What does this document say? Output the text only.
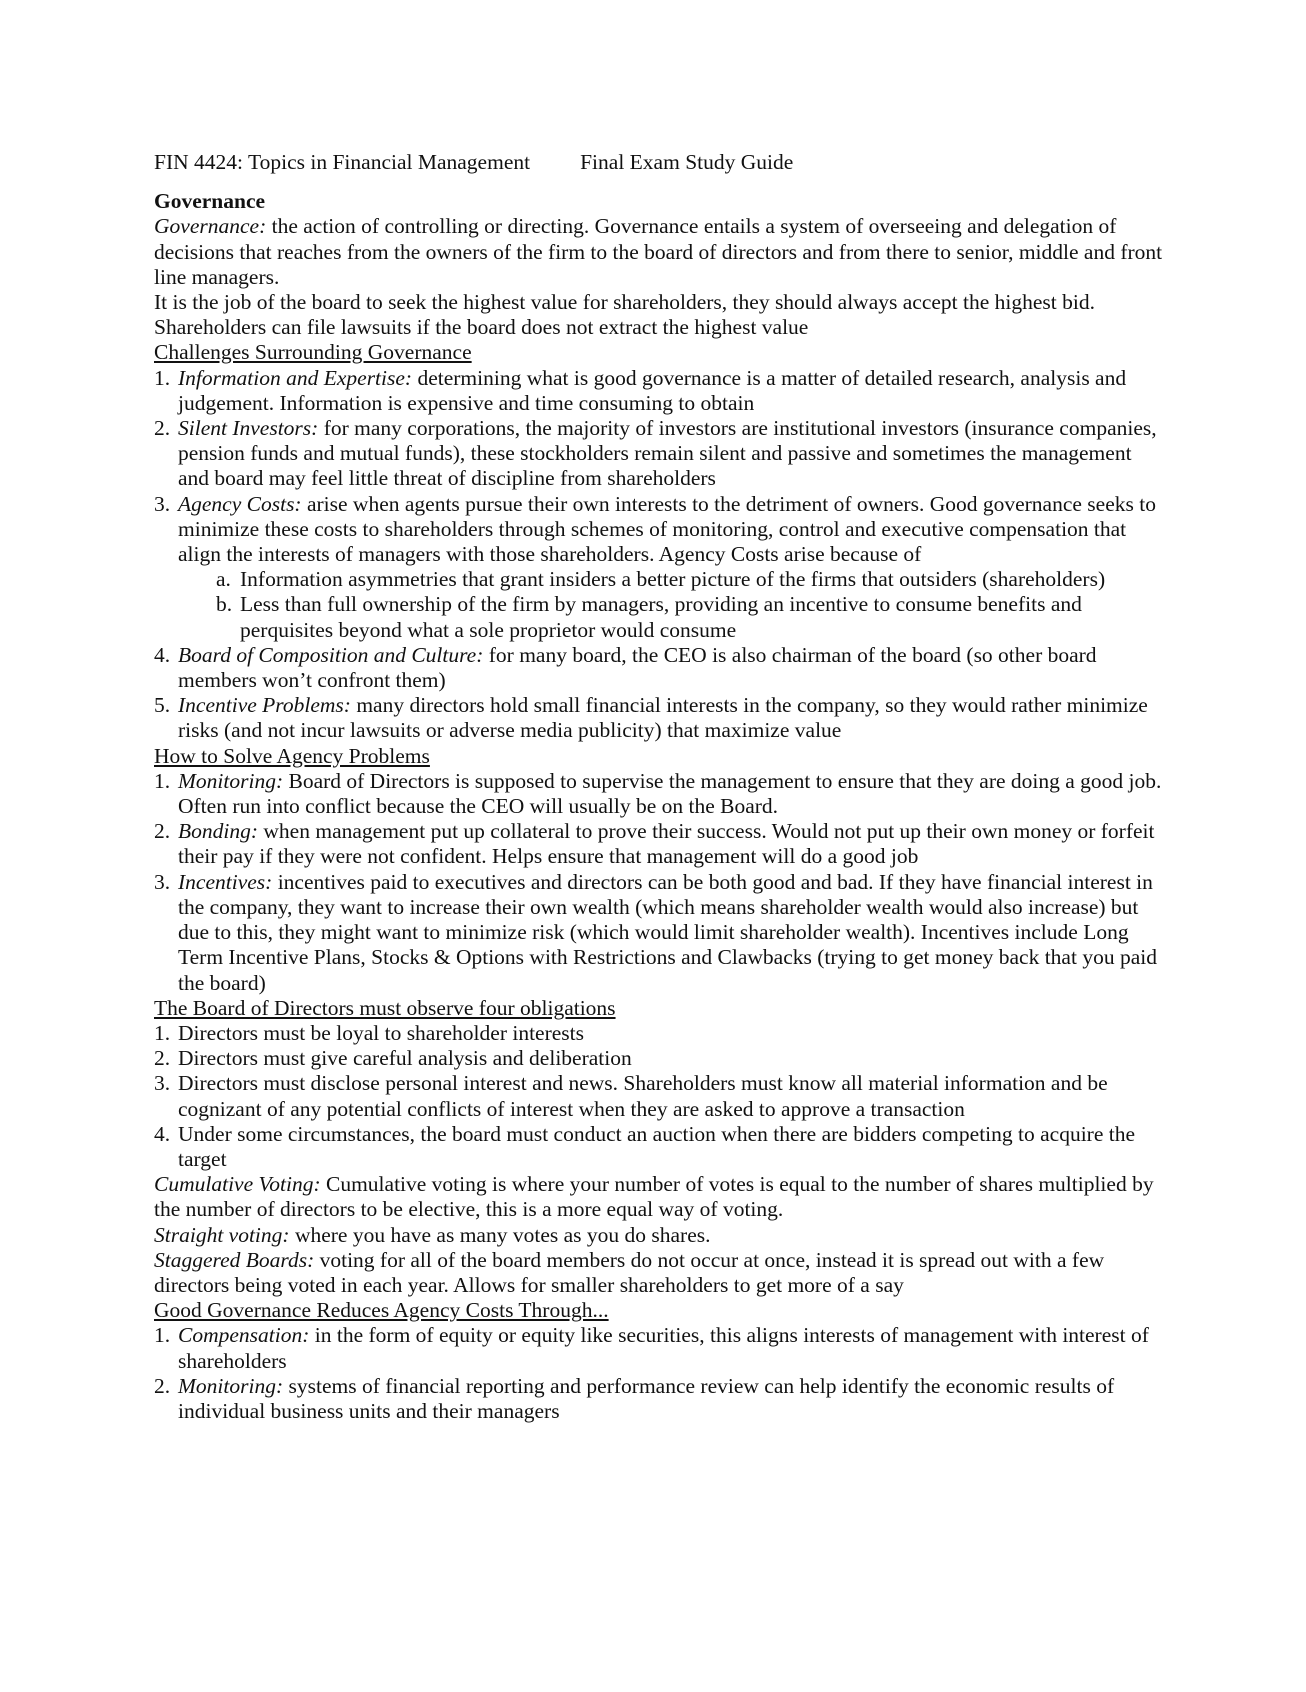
FIN 4424: Topics in Financial Management Final Exam Study Guide
Governance

Governance: the action of controlling or directing. Governance entails a system of overseeing and delegation of decisions that reaches from the owners of the firm to the board of directors and from there to senior, middle and front line managers.

It is the job of the board to seek the highest value for shareholders, they should always accept the highest bid. Shareholders can file lawsuits if the board does not extract the highest value

Challenges Surrounding Governance
1. Information and Expertise: determining what is good governance is a matter of detailed research, analysis and judgement. Information is expensive and time consuming to obtain
2. Silent Investors: for many corporations, the majority of investors are institutional investors (insurance companies, pension funds and mutual funds), these stockholders remain silent and passive and sometimes the management and board may feel little threat of discipline from shareholders
3. Agency Costs: arise when agents pursue their own interests to the detriment of owners. Good governance seeks to minimize these costs to shareholders through schemes of monitoring, control and executive compensation that align the interests of managers with those shareholders. Agency Costs arise because of
a. Information asymmetries that grant insiders a better picture of the firms that outsiders (shareholders)
b. Less than full ownership of the firm by managers, providing an incentive to consume benefits and perquisites beyond what a sole proprietor would consume
4. Board of Composition and Culture: for many board, the CEO is also chairman of the board (so other board members won’t confront them)
5. Incentive Problems: many directors hold small financial interests in the company, so they would rather minimize risks (and not incur lawsuits or adverse media publicity) that maximize value
How to Solve Agency Problems
1. Monitoring: Board of Directors is supposed to supervise the management to ensure that they are doing a good job. Often run into conflict because the CEO will usually be on the Board.
2. Bonding: when management put up collateral to prove their success. Would not put up their own money or forfeit their pay if they were not confident. Helps ensure that management will do a good job
3. Incentives: incentives paid to executives and directors can be both good and bad. If they have financial interest in the company, they want to increase their own wealth (which means shareholder wealth would also increase) but due to this, they might want to minimize risk (which would limit shareholder wealth). Incentives include Long Term Incentive Plans, Stocks & Options with Restrictions and Clawbacks (trying to get money back that you paid the board)
The Board of Directors must observe four obligations
1. Directors must be loyal to shareholder interests
2. Directors must give careful analysis and deliberation
3. Directors must disclose personal interest and news. Shareholders must know all material information and be cognizant of any potential conflicts of interest when they are asked to approve a transaction
4. Under some circumstances, the board must conduct an auction when there are bidders competing to acquire the target

Cumulative Voting: Cumulative voting is where your number of votes is equal to the number of shares multiplied by the number of directors to be elective, this is a more equal way of voting.

Straight voting: where you have as many votes as you do shares.

Staggered Boards: voting for all of the board members do not occur at once, instead it is spread out with a few directors being voted in each year. Allows for smaller shareholders to get more of a say

Good Governance Reduces Agency Costs Through...
1. Compensation: in the form of equity or equity like securities, this aligns interests of management with interest of shareholders
2. Monitoring: systems of financial reporting and performance review can help identify the economic results of individual business units and their managers
